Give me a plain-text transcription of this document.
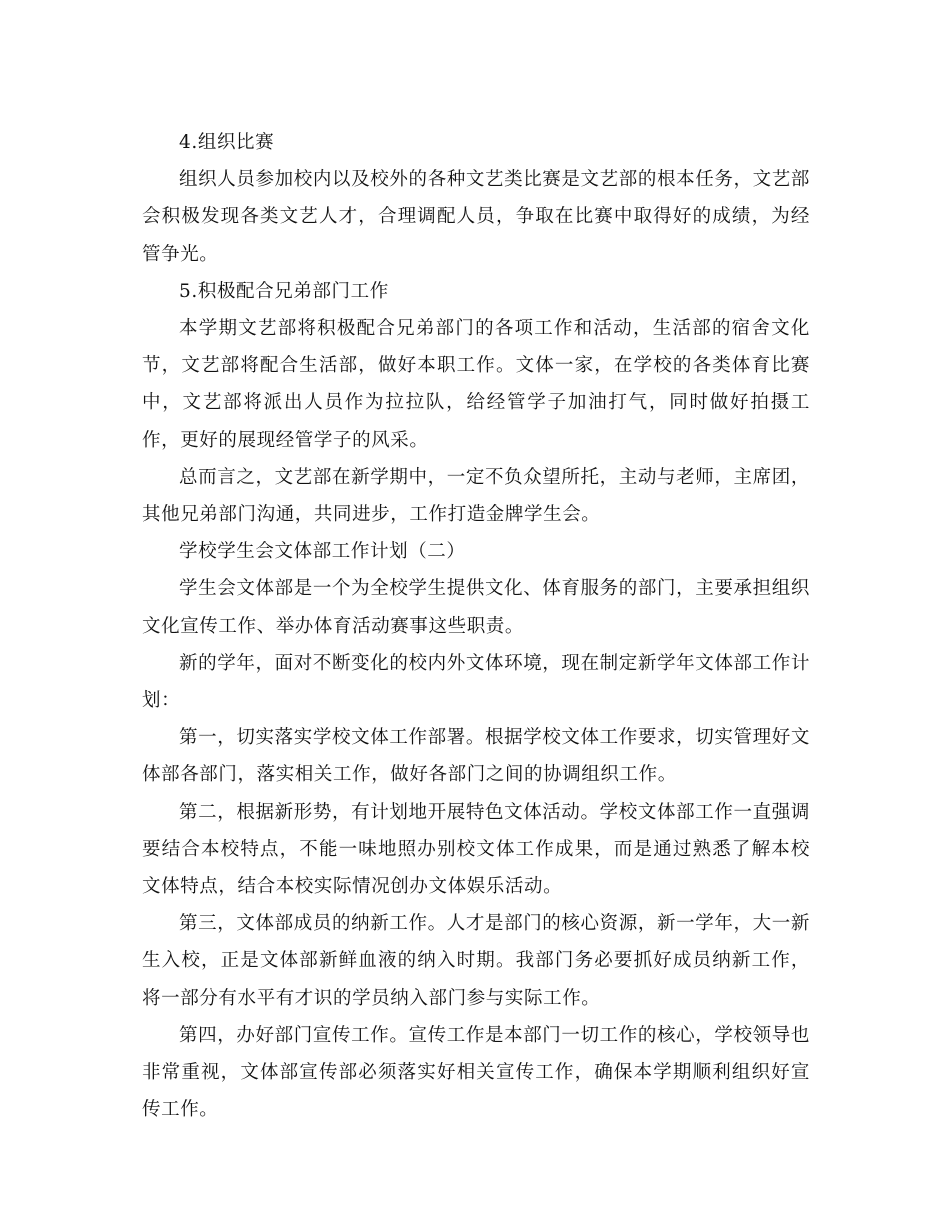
4.组织比赛

组织人员参加校内以及校外的各种文艺类比赛是文艺部的根本任务，文艺部会积极发现各类文艺人才，合理调配人员，争取在比赛中取得好的成绩，为经管争光。

5.积极配合兄弟部门工作

本学期文艺部将积极配合兄弟部门的各项工作和活动，生活部的宿舍文化节，文艺部将配合生活部，做好本职工作。文体一家，在学校的各类体育比赛中，文艺部将派出人员作为拉拉队，给经管学子加油打气，同时做好拍摄工作，更好的展现经管学子的风采。

总而言之，文艺部在新学期中，一定不负众望所托，主动与老师，主席团，其他兄弟部门沟通，共同进步，工作打造金牌学生会。

学校学生会文体部工作计划（二）

学生会文体部是一个为全校学生提供文化、体育服务的部门，主要承担组织文化宣传工作、举办体育活动赛事这些职责。

新的学年，面对不断变化的校内外文体环境，现在制定新学年文体部工作计划：

第一，切实落实学校文体工作部署。根据学校文体工作要求，切实管理好文体部各部门，落实相关工作，做好各部门之间的协调组织工作。

第二，根据新形势，有计划地开展特色文体活动。学校文体部工作一直强调要结合本校特点，不能一味地照办别校文体工作成果，而是通过熟悉了解本校文体特点，结合本校实际情况创办文体娱乐活动。

第三，文体部成员的纳新工作。人才是部门的核心资源，新一学年，大一新生入校，正是文体部新鲜血液的纳入时期。我部门务必要抓好成员纳新工作，将一部分有水平有才识的学员纳入部门参与实际工作。

第四，办好部门宣传工作。宣传工作是本部门一切工作的核心，学校领导也非常重视，文体部宣传部必须落实好相关宣传工作，确保本学期顺利组织好宣传工作。
